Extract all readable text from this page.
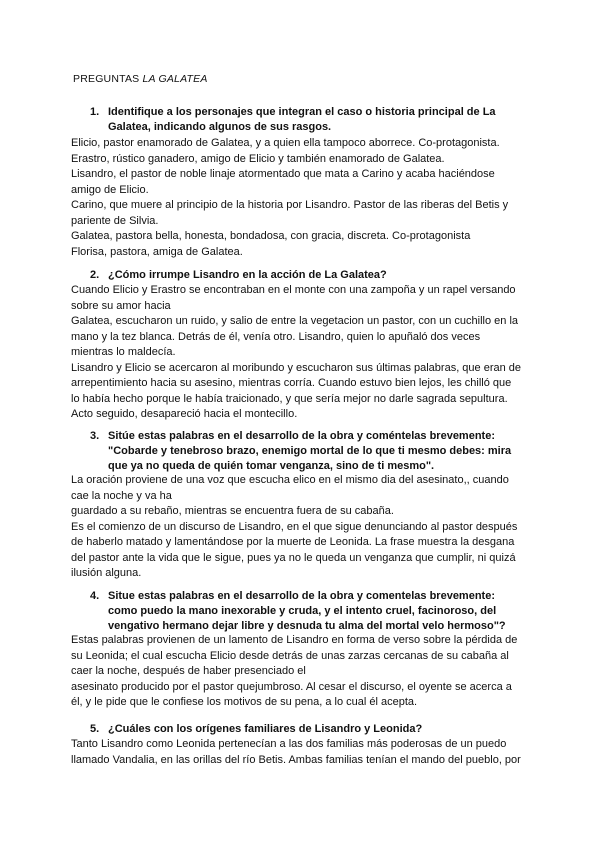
PREGUNTAS LA GALATEA
1. Identifique a los personajes que integran el caso o historia principal de La
Galatea, indicando algunos de sus rasgos.
Elicio, pastor enamorado de Galatea, y a quien ella tampoco aborrece. Co-protagonista.
Erastro, rústico ganadero, amigo de Elicio y también enamorado de Galatea.
Lisandro, el pastor de noble linaje atormentado que mata a Carino y acaba haciéndose
amigo de Elicio.
Carino, que muere al principio de la historia por Lisandro. Pastor de las riberas del Betis y
pariente de Silvia.
Galatea, pastora bella, honesta, bondadosa, con gracia, discreta. Co-protagonista
Florisa, pastora, amiga de Galatea.
2. ¿Cómo irrumpe Lisandro en la acción de La Galatea?
Cuando Elicio y Erastro se encontraban en el monte con una zampoña y un rapel versando
sobre su amor hacia
Galatea, escucharon un ruido, y salio de entre la vegetacion un pastor, con un cuchillo en la
mano y la tez blanca. Detrás de él, venía otro. Lisandro, quien lo apuñaló dos veces
mientras lo maldecía.
Lisandro y Elicio se acercaron al moribundo y escucharon sus últimas palabras, que eran de
arrepentimiento hacia su asesino, mientras corría. Cuando estuvo bien lejos, les chilló que
lo había hecho porque le había traicionado, y que sería mejor no darle sagrada sepultura.
Acto seguido, desapareció hacia el montecillo.
3. Sitúe estas palabras en el desarrollo de la obra y coméntelas brevemente:
"Cobarde y tenebroso brazo, enemigo mortal de lo que ti mesmo debes: mira
que ya no queda de quién tomar venganza, sino de ti mesmo".
La oración proviene de una voz que escucha elico en el mismo dia del asesinato,, cuando
cae la noche y va ha
guardado a su rebaño, mientras se encuentra fuera de su cabaña.
Es el comienzo de un discurso de Lisandro, en el que sigue denunciando al pastor después
de haberlo matado y lamentándose por la muerte de Leonida. La frase muestra la desgana
del pastor ante la vida que le sigue, pues ya no le queda un venganza que cumplir, ni quizá
ilusión alguna.
4. Situe estas palabras en el desarrollo de la obra y comentelas brevemente:
como puedo la mano inexorable y cruda, y el intento cruel, facinoroso, del
vengativo hermano dejar libre y desnuda tu alma del mortal velo hermoso"?
Estas palabras provienen de un lamento de Lisandro en forma de verso sobre la pérdida de
su Leonida; el cual escucha Elicio desde detrás de unas zarzas cercanas de su cabaña al
caer la noche, después de haber presenciado el
asesinato producido por el pastor quejumbroso. Al cesar el discurso, el oyente se acerca a
él, y le pide que le confiese los motivos de su pena, a lo cual él acepta.
5. ¿Cuáles con los orígenes familiares de Lisandro y Leonida?
Tanto Lisandro como Leonida pertenecían a las dos familias más poderosas de un puedo
llamado Vandalia, en las orillas del río Betis. Ambas familias tenían el mando del pueblo, por
